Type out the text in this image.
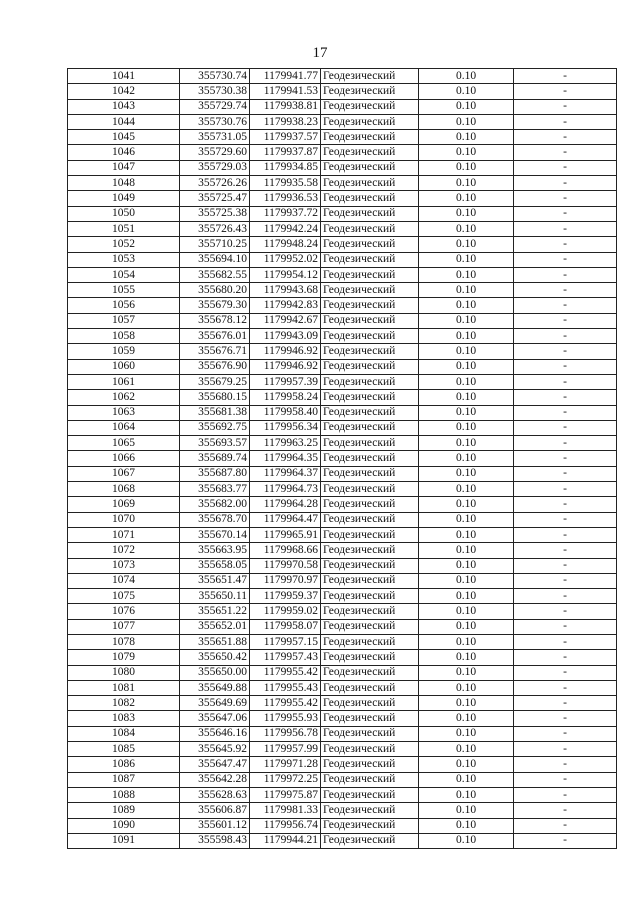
17
1041	355730.74	1179941.77	Геодезический	0.10	-
1042	355730.38	1179941.53	Геодезический	0.10	-
1043	355729.74	1179938.81	Геодезический	0.10	-
1044	355730.76	1179938.23	Геодезический	0.10	-
1045	355731.05	1179937.57	Геодезический	0.10	-
1046	355729.60	1179937.87	Геодезический	0.10	-
1047	355729.03	1179934.85	Геодезический	0.10	-
1048	355726.26	1179935.58	Геодезический	0.10	-
1049	355725.47	1179936.53	Геодезический	0.10	-
1050	355725.38	1179937.72	Геодезический	0.10	-
1051	355726.43	1179942.24	Геодезический	0.10	-
1052	355710.25	1179948.24	Геодезический	0.10	-
1053	355694.10	1179952.02	Геодезический	0.10	-
1054	355682.55	1179954.12	Геодезический	0.10	-
1055	355680.20	1179943.68	Геодезический	0.10	-
1056	355679.30	1179942.83	Геодезический	0.10	-
1057	355678.12	1179942.67	Геодезический	0.10	-
1058	355676.01	1179943.09	Геодезический	0.10	-
1059	355676.71	1179946.92	Геодезический	0.10	-
1060	355676.90	1179946.92	Геодезический	0.10	-
1061	355679.25	1179957.39	Геодезический	0.10	-
1062	355680.15	1179958.24	Геодезический	0.10	-
1063	355681.38	1179958.40	Геодезический	0.10	-
1064	355692.75	1179956.34	Геодезический	0.10	-
1065	355693.57	1179963.25	Геодезический	0.10	-
1066	355689.74	1179964.35	Геодезический	0.10	-
1067	355687.80	1179964.37	Геодезический	0.10	-
1068	355683.77	1179964.73	Геодезический	0.10	-
1069	355682.00	1179964.28	Геодезический	0.10	-
1070	355678.70	1179964.47	Геодезический	0.10	-
1071	355670.14	1179965.91	Геодезический	0.10	-
1072	355663.95	1179968.66	Геодезический	0.10	-
1073	355658.05	1179970.58	Геодезический	0.10	-
1074	355651.47	1179970.97	Геодезический	0.10	-
1075	355650.11	1179959.37	Геодезический	0.10	-
1076	355651.22	1179959.02	Геодезический	0.10	-
1077	355652.01	1179958.07	Геодезический	0.10	-
1078	355651.88	1179957.15	Геодезический	0.10	-
1079	355650.42	1179957.43	Геодезический	0.10	-
1080	355650.00	1179955.42	Геодезический	0.10	-
1081	355649.88	1179955.43	Геодезический	0.10	-
1082	355649.69	1179955.42	Геодезический	0.10	-
1083	355647.06	1179955.93	Геодезический	0.10	-
1084	355646.16	1179956.78	Геодезический	0.10	-
1085	355645.92	1179957.99	Геодезический	0.10	-
1086	355647.47	1179971.28	Геодезический	0.10	-
1087	355642.28	1179972.25	Геодезический	0.10	-
1088	355628.63	1179975.87	Геодезический	0.10	-
1089	355606.87	1179981.33	Геодезический	0.10	-
1090	355601.12	1179956.74	Геодезический	0.10	-
1091	355598.43	1179944.21	Геодезический	0.10	-
